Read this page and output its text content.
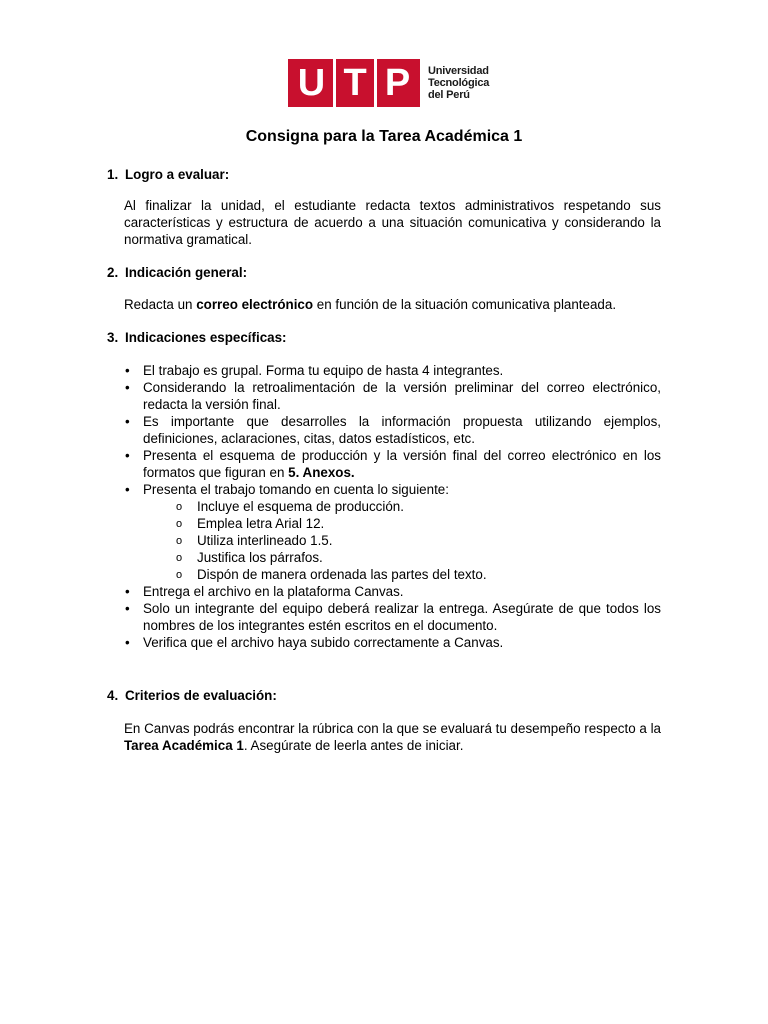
U T P Universidad
Tecnológica
del Perú
Consigna para la Tarea Académica 1
1. Logro a evaluar:
Al finalizar la unidad, el estudiante redacta textos administrativos respetando sus características y estructura de acuerdo a una situación comunicativa y considerando la normativa gramatical.
2. Indicación general:
Redacta un correo electrónico en función de la situación comunicativa planteada.
3. Indicaciones específicas:
• El trabajo es grupal. Forma tu equipo de hasta 4 integrantes.
• Considerando la retroalimentación de la versión preliminar del correo electrónico, redacta la versión final.
• Es importante que desarrolles la información propuesta utilizando ejemplos, definiciones, aclaraciones, citas, datos estadísticos, etc.
• Presenta el esquema de producción y la versión final del correo electrónico en los formatos que figuran en 5. Anexos.
• Presenta el trabajo tomando en cuenta lo siguiente:
o Incluye el esquema de producción.
o Emplea letra Arial 12.
o Utiliza interlineado 1.5.
o Justifica los párrafos.
o Dispón de manera ordenada las partes del texto.
• Entrega el archivo en la plataforma Canvas.
• Solo un integrante del equipo deberá realizar la entrega. Asegúrate de que todos los nombres de los integrantes estén escritos en el documento.
• Verifica que el archivo haya subido correctamente a Canvas.
4. Criterios de evaluación:
En Canvas podrás encontrar la rúbrica con la que se evaluará tu desempeño respecto a la Tarea Académica 1. Asegúrate de leerla antes de iniciar.
